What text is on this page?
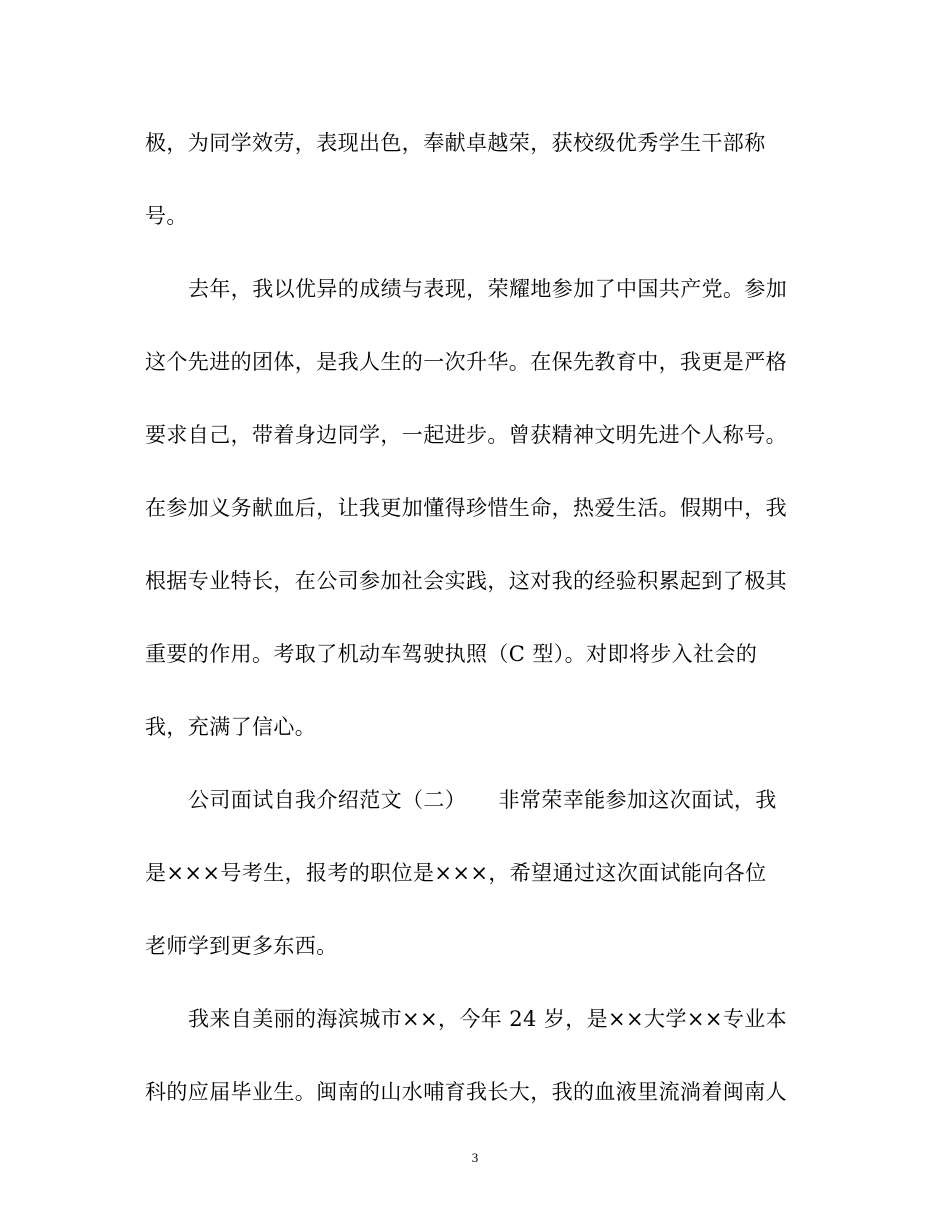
极，为同学效劳，表现出色，奉献卓越荣，获校级优秀学生干部称
号。
去年，我以优异的成绩与表现，荣耀地参加了中国共产党。参加
这个先进的团体，是我人生的一次升华。在保先教育中，我更是严格
要求自己，带着身边同学，一起进步。曾获精神文明先进个人称号。
在参加义务献血后，让我更加懂得珍惜生命，热爱生活。假期中，我
根据专业特长，在公司参加社会实践，这对我的经验积累起到了极其
重要的作用。考取了机动车驾驶执照（C 型）。对即将步入社会的
我，充满了信心。
公司面试自我介绍范文（二）　　非常荣幸能参加这次面试，我
是×××号考生，报考的职位是×××，希望通过这次面试能向各位
老师学到更多东西。
我来自美丽的海滨城市××，今年 24 岁，是××大学××专业本
科的应届毕业生。闽南的山水哺育我长大，我的血液里流淌着闽南人
3
